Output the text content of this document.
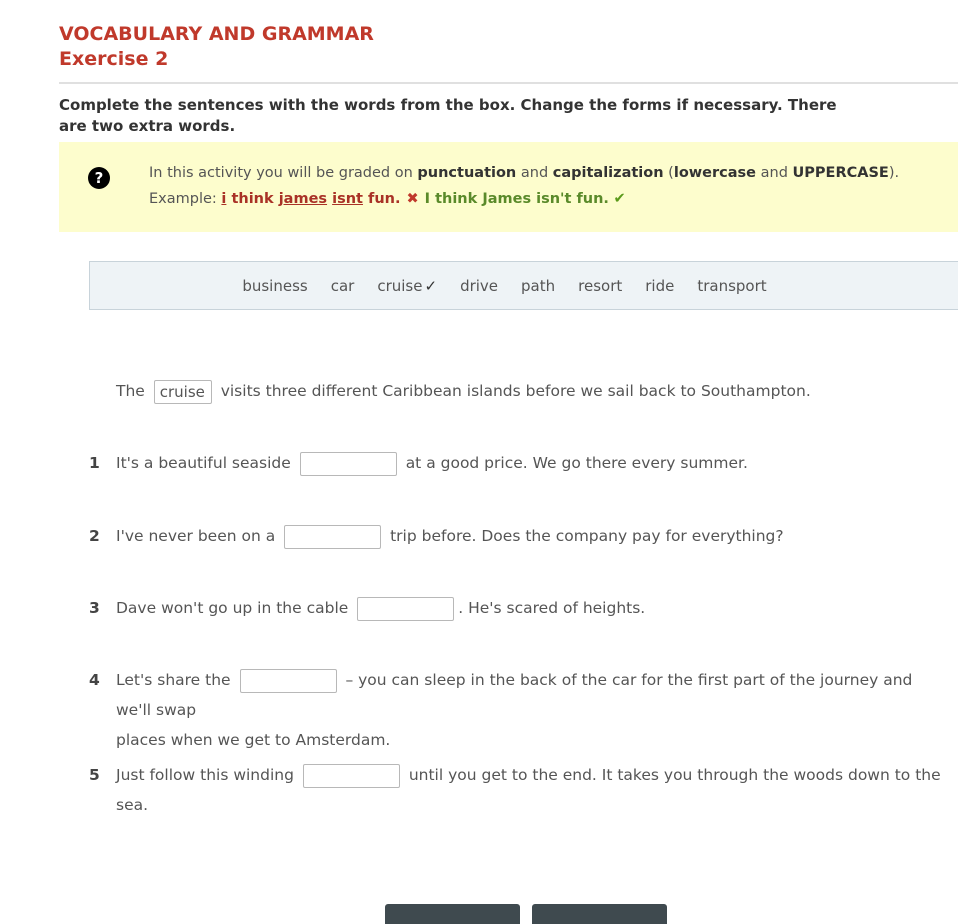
VOCABULARY AND GRAMMAR
Exercise 2
Complete the sentences with the words from the box. Change the forms if necessary. There are two extra words.
?	In this activity you will be graded on punctuation and capitalization (lowercase and UPPERCASE).
Example: i think james isnt fun. ✖ I think James isn't fun. ✔
business car cruise ✓ drive path resort ride transport
The cruise visits three different Caribbean islands before we sail back to Southampton.
1 It's a beautiful seaside	at a good price. We go there every summer.
2 I've never been on a	trip before. Does the company pay for everything?
3 Dave won't go up in the cable	. He's scared of heights.
4 Let's share the	– you can sleep in the back of the car for the first part of the journey and we'll swap
places when we get to Amsterdam.
5 Just follow this winding	until you get to the end. It takes you through the woods down to the sea.
